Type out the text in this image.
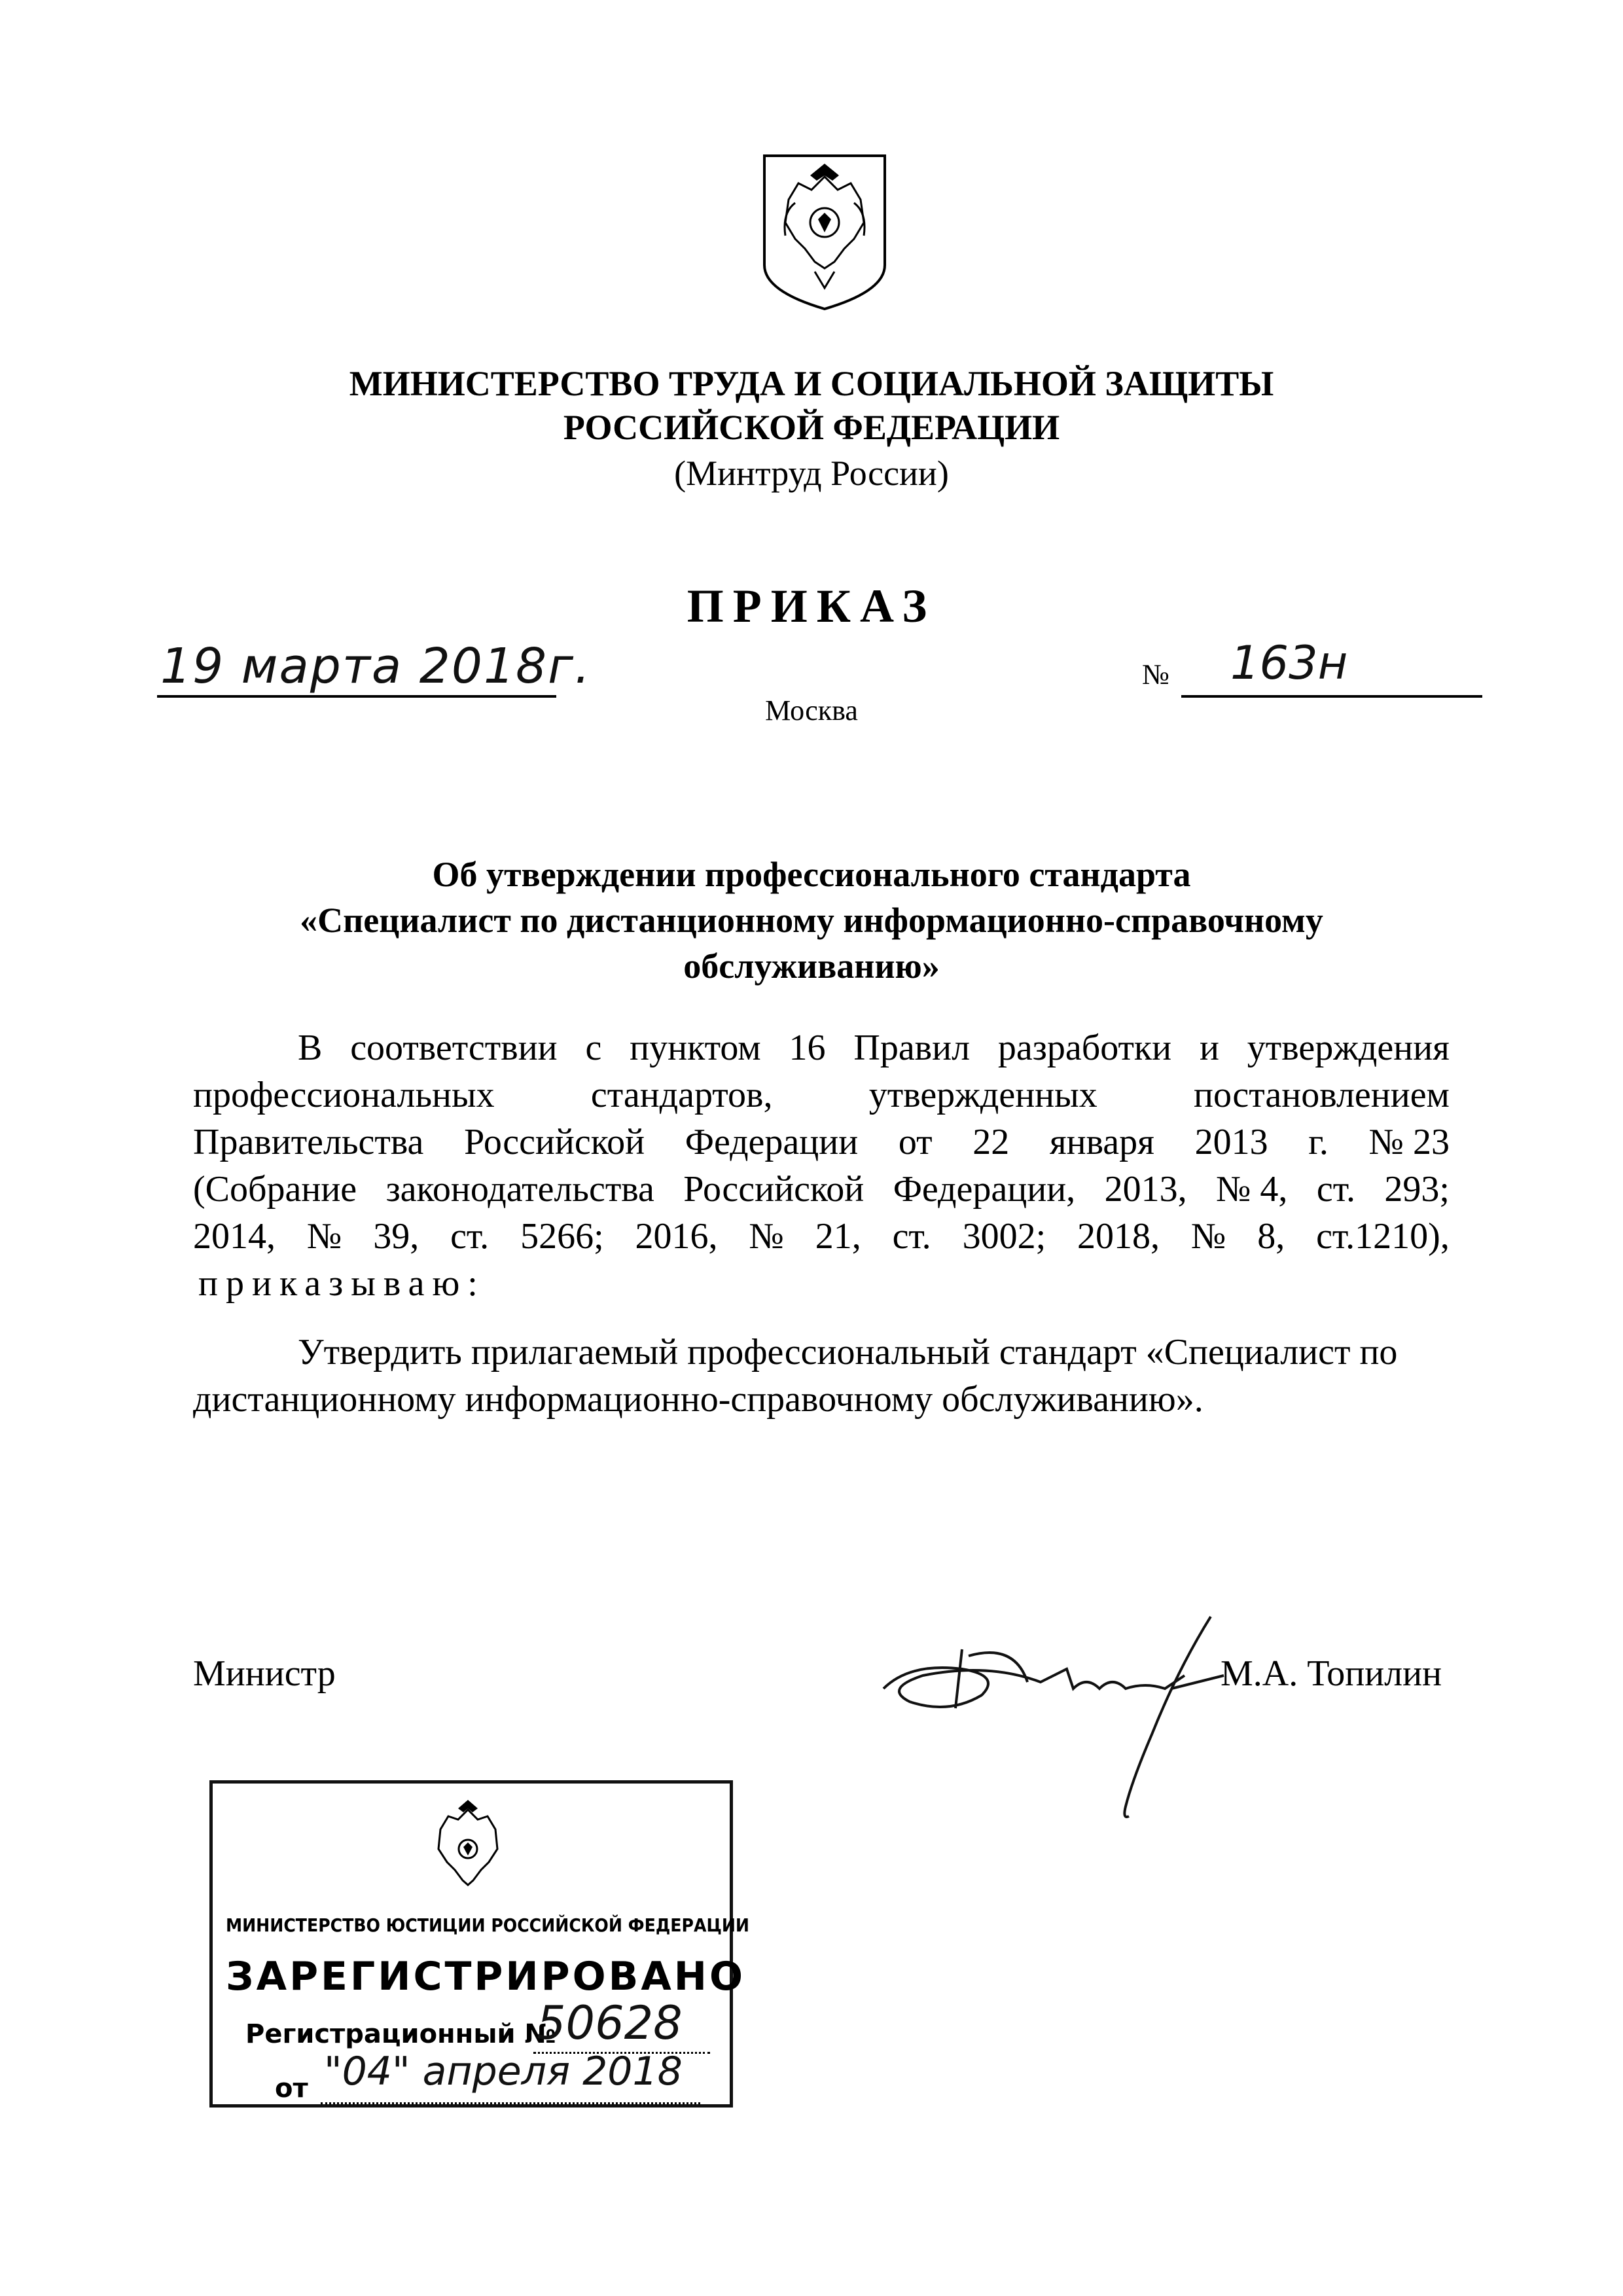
МИНИСТЕРСТВО ТРУДА И СОЦИАЛЬНОЙ ЗАЩИТЫ
РОССИЙСКОЙ ФЕДЕРАЦИИ
(Минтруд России)
ПРИКАЗ
19 марта 2018г.	№ 163н
Москва
Об утверждении профессионального стандарта
«Специалист по дистанционному информационно-справочному
обслуживанию»
В соответствии с пунктом 16 Правил разработки и утверждения
профессиональных	стандартов,	утвержденных	постановлением
Правительства Российской Федерации от 22 января 2013 г. № 23
(Собрание законодательства Российской Федерации, 2013, № 4, ст. 293;
2014, № 39, ст. 5266; 2016, № 21, ст. 3002; 2018, № 8, ст.1210),
приказываю:
Утвердить прилагаемый профессиональный стандарт «Специалист по
дистанционному информационно-справочному обслуживанию».
Министр	М.А. Топилин
МИНИСТЕРСТВО ЮСТИЦИИ РОССИЙСКОЙ ФЕДЕРАЦИИ
ЗАРЕГИСТРИРОВАНО
Регистрационный №
50628
от "04" апреля 2018
